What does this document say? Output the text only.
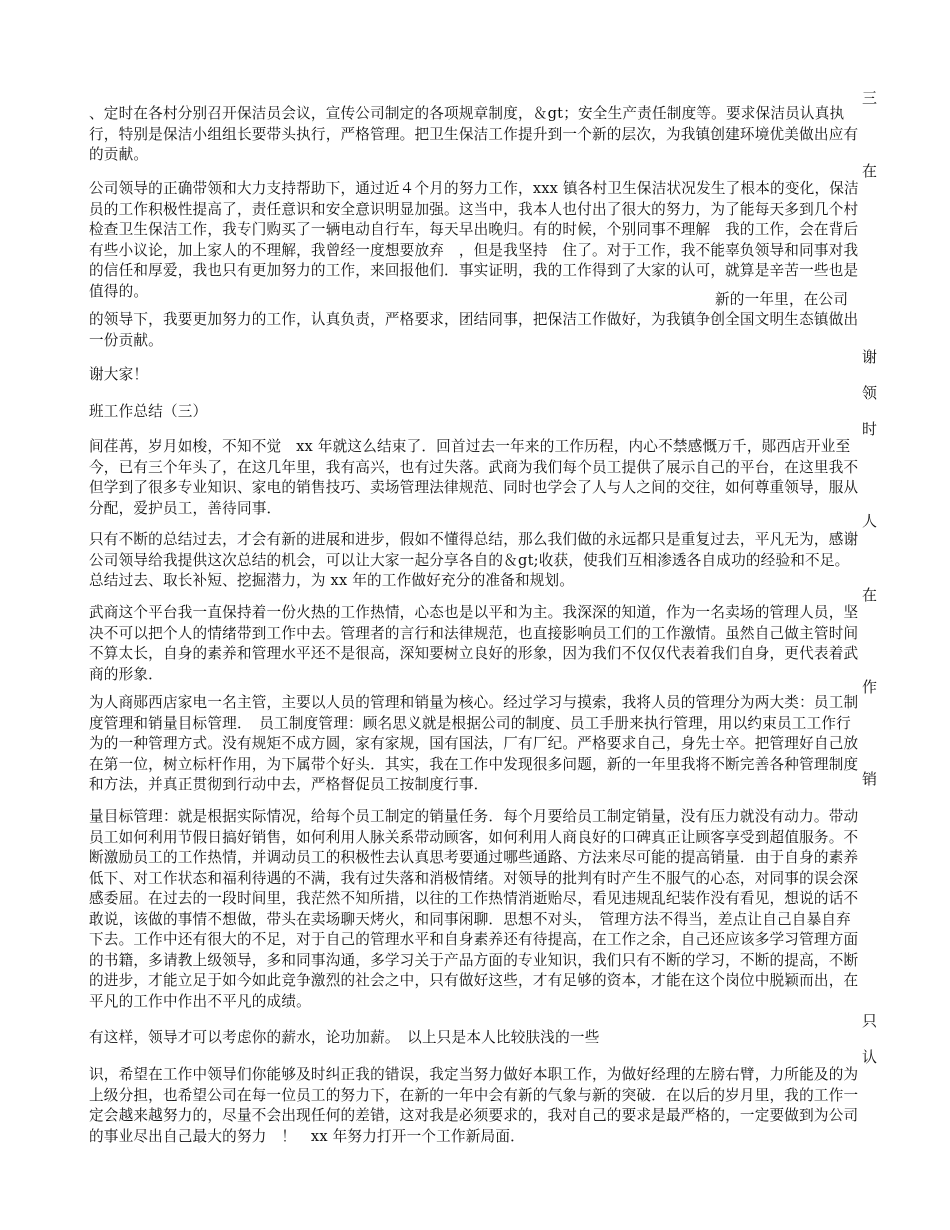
三
在
谢
领
时
人
在
作
销
只
认

、定时在各村分别召开保洁员会议，宣传公司制定的各项规章制度，＆gt；安全生产责任制度等。要求保洁员认真执行，特别是保洁小组组长要带头执行，严格管理。把卫生保洁工作提升到一个新的层次，为我镇创建环境优美做出应有的贡献。

公司领导的正确带领和大力支持帮助下，通过近４个月的努力工作，xxx 镇各村卫生保洁状况发生了根本的变化，保洁员的工作积极性提高了，责任意识和安全意识明显加强。这当中，我本人也付出了很大的努力，为了能每天多到几个村检查卫生保洁工作，我专门购买了一辆电动自行车，每天早出晚归。有的时候，个别同事不理解　我的工作，会在背后有些小议论，加上家人的不理解，我曾经一度想要放弃　，但是我坚持　住了。对于工作，我不能辜负领导和同事对我的信任和厚爱，我也只有更加努力的工作，来回报他们．事实证明，我的工作得到了大家的认可，就算是辛苦一些也是值得的。	新的一年里，在公司

的领导下，我要更加努力的工作，认真负责，严格要求，团结同事，把保洁工作做好，为我镇争创全国文明生态镇做出一份贡献。

谢大家！

班工作总结（三）

间荏苒，岁月如梭，不知不觉　xx 年就这么结束了．回首过去一年来的工作历程，内心不禁感慨万千，郧西店开业至今，已有三个年头了，在这几年里，我有高兴，也有过失落。武商为我们每个员工提供了展示自己的平台，在这里我不但学到了很多专业知识、家电的销售技巧、卖场管理法律规范、同时也学会了人与人之间的交往，如何尊重领导，服从分配，爱护员工，善待同事．

只有不断的总结过去，才会有新的进展和进步，假如不懂得总结，那么我们做的永远都只是重复过去，平凡无为，感谢公司领导给我提供这次总结的机会，可以让大家一起分享各自的＆gt;收获，使我们互相渗透各自成功的经验和不足。总结过去、取长补短、挖掘潜力，为 xx 年的工作做好充分的准备和规划。

武商这个平台我一直保持着一份火热的工作热情，心态也是以平和为主。我深深的知道，作为一名卖场的管理人员，坚决不可以把个人的情绪带到工作中去。管理者的言行和法律规范，也直接影响员工们的工作激情。虽然自己做主管时间不算太长，自身的素养和管理水平还不是很高，深知要树立良好的形象，因为我们不仅仅代表着我们自身，更代表着武商的形象．

为人商郧西店家电一名主管，主要以人员的管理和销量为核心。经过学习与摸索，我将人员的管理分为两大类：员工制度管理和销量目标管理．　员工制度管理：顾名思义就是根据公司的制度、员工手册来执行管理，用以约束员工工作行为的一种管理方式。没有规矩不成方圆，家有家规，国有国法，厂有厂纪。严格要求自己，身先士卒。把管理好自己放在第一位，树立标杆作用，为下属带个好头．其实，我在工作中发现很多问题，新的一年里我将不断完善各种管理制度和方法，并真正贯彻到行动中去，严格督促员工按制度行事．

量目标管理：就是根据实际情况，给每个员工制定的销量任务．每个月要给员工制定销量，没有压力就没有动力。带动员工如何利用节假日搞好销售，如何利用人脉关系带动顾客，如何利用人商良好的口碑真正让顾客享受到超值服务。不断激励员工的工作热情，并调动员工的积极性去认真思考要通过哪些通路、方法来尽可能的提高销量．由于自身的素养低下、对工作状态和福利待遇的不满，我有过失落和消极情绪。对领导的批判有时产生不服气的心态，对同事的误会深感委屈。在过去的一段时间里，我茫然不知所措，以往的工作热情消逝贻尽，看见违规乱纪装作没有看见，想说的话不敢说，该做的事情不想做，带头在卖场聊天烤火，和同事闲聊．思想不对头，　管理方法不得当，差点让自己自暴自弃下去。工作中还有很大的不足，对于自己的管理水平和自身素养还有待提高，在工作之余，自己还应该多学习管理方面的书籍，多请教上级领导，多和同事沟通，多学习关于产品方面的专业知识，我们只有不断的学习，不断的提高，不断的进步，才能立足于如今如此竞争激烈的社会之中，只有做好这些，才有足够的资本，才能在这个岗位中脱颖而出，在平凡的工作中作出不平凡的成绩。

有这样，领导才可以考虑你的薪水，论功加薪。　以上只是本人比较肤浅的一些

识，希望在工作中领导们你能够及时纠正我的错误，我定当努力做好本职工作，为做好经理的左膀右臂，力所能及的为上级分担，也希望公司在每一位员工的努力下，在新的一年中会有新的气象与新的突破．在以后的岁月里，我的工作一定会越来越努力的，尽量不会出现任何的差错，这对我是必须要求的，我对自己的要求是最严格的，一定要做到为公司的事业尽出自己最大的努力　！　xx 年努力打开一个工作新局面．
